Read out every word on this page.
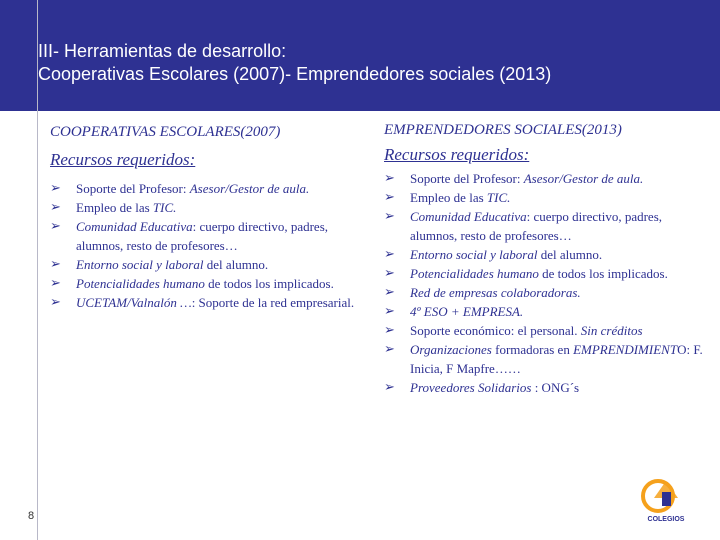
III- Herramientas de desarrollo:
Cooperativas Escolares (2007)- Emprendedores sociales (2013)
COOPERATIVAS ESCOLARES(2007)
Recursos requeridos:
➢ Soporte del Profesor: Asesor/Gestor de aula.
➢ Empleo de las TIC.
➢ Comunidad Educativa: cuerpo directivo, padres, alumnos, resto de profesores…
➢ Entorno social y laboral del alumno.
➢ Potencialidades humano de todos los implicados.
➢ UCETAM/Valnalón …: Soporte de la red empresarial.
EMPRENDEDORES SOCIALES(2013)
Recursos requeridos:
➢ Soporte del Profesor: Asesor/Gestor de aula.
➢ Empleo de las TIC.
➢ Comunidad Educativa: cuerpo directivo, padres, alumnos, resto de profesores…
➢ Entorno social y laboral del alumno.
➢ Potencialidades humano de todos los implicados.
➢ Red de empresas colaboradoras.
➢ 4º ESO + EMPRESA.
➢ Soporte económico: el personal. Sin créditos
➢ Organizaciones formadoras en EMPRENDIMIENTO: F. Inicia, F Mapfre……
➢ Proveedores Solidarios : ONG´s
8	COLEGIOS
